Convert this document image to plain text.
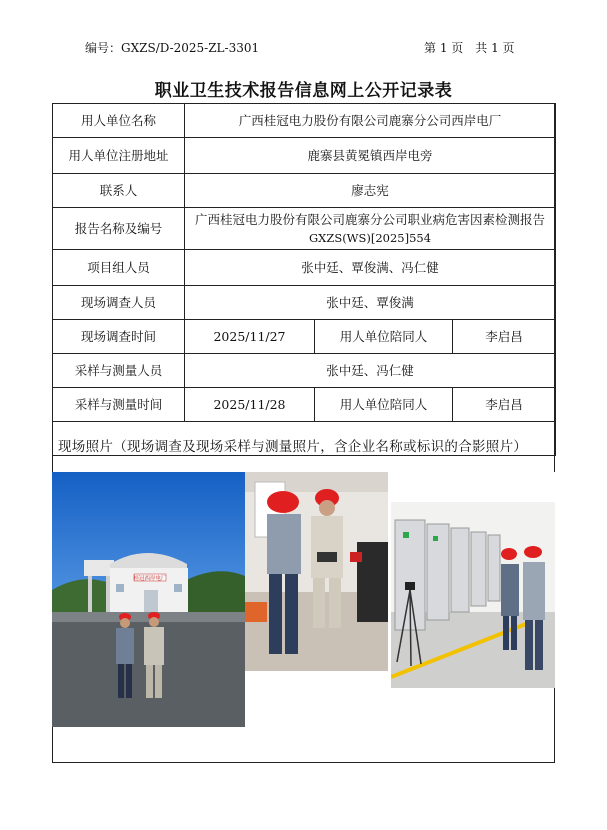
编号：GXZS/D-2025-ZL-3301	第 1 页　共 1 页
职业卫生技术报告信息网上公开记录表
用人单位名称	广西桂冠电力股份有限公司鹿寨分公司西岸电厂		
用人单位注册地址	鹿寨县黄冕镇西岸电旁		
联系人	廖志宪		
报告名称及编号	广西桂冠电力股份有限公司鹿寨分公司职业病危害因素检测报告
GXZS(WS)[2025]554		

项目组人员	张中廷、覃俊满、冯仁健		
现场调查人员	张中廷、覃俊满		
现场调查时间	2025/11/27	用人单位陪同人	李启昌
采样与测量人员	张中廷、冯仁健		
采样与测量时间	2025/11/28	用人单位陪同人	李启昌

现场照片（现场调查及现场采样与测量照片，含企业名称或标识的合影照片）
桂冠西岸电厂
